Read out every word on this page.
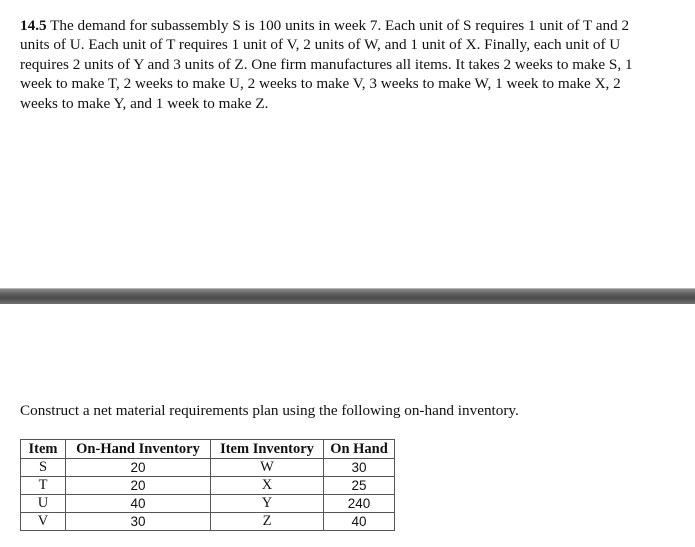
14.5 The demand for subassembly S is 100 units in week 7. Each unit of S requires 1 unit of T and 2 units of U. Each unit of T requires 1 unit of V, 2 units of W, and 1 unit of X. Finally, each unit of U requires 2 units of Y and 3 units of Z. One firm manufactures all items. It takes 2 weeks to make S, 1 week to make T, 2 weeks to make U, 2 weeks to make V, 3 weeks to make W, 1 week to make X, 2 weeks to make Y, and 1 week to make Z.

Construct a net material requirements plan using the following on-hand inventory.

Item	On-Hand Inventory	Item Inventory	On Hand
S	20	W	30
T	20	X	25
U	40	Y	240
V	30	Z	40
